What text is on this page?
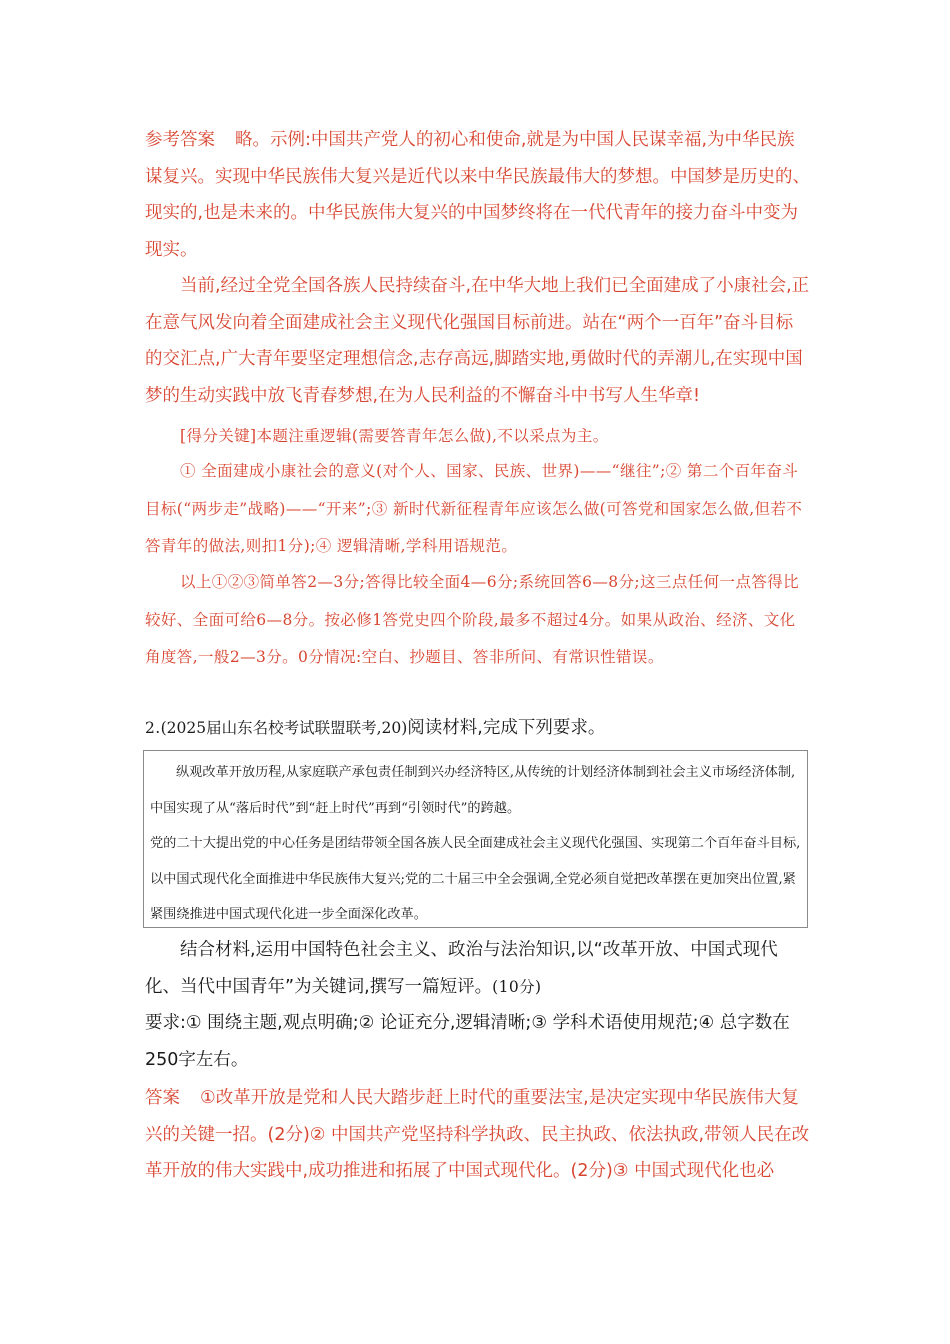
参考答案 略。示例:中国共产党人的初心和使命,就是为中国人民谋幸福,为中华民族谋复兴。实现中华民族伟大复兴是近代以来中华民族最伟大的梦想。中国梦是历史的、现实的,也是未来的。中华民族伟大复兴的中国梦终将在一代代青年的接力奋斗中变为现实。

当前,经过全党全国各族人民持续奋斗,在中华大地上我们已全面建成了小康社会,正在意气风发向着全面建成社会主义现代化强国目标前进。站在“两个一百年”奋斗目标的交汇点,广大青年要坚定理想信念,志存高远,脚踏实地,勇做时代的弄潮儿,在实现中国梦的生动实践中放飞青春梦想,在为人民利益的不懈奋斗中书写人生华章!

[得分关键]本题注重逻辑(需要答青年怎么做),不以采点为主。

① 全面建成小康社会的意义(对个人、国家、民族、世界)——“继往”;② 第二个百年奋斗目标(“两步走”战略)——“开来”;③ 新时代新征程青年应该怎么做(可答党和国家怎么做,但若不答青年的做法,则扣1分);④ 逻辑清晰,学科用语规范。

以上①②③简单答2—3分;答得比较全面4—6分;系统回答6—8分;这三点任何一点答得比较好、全面可给6—8分。按必修1答党史四个阶段,最多不超过4分。如果从政治、经济、文化角度答,一般2—3分。0分情况:空白、抄题目、答非所问、有常识性错误。

2.(2025届山东名校考试联盟联考,20)阅读材料,完成下列要求。

纵观改革开放历程,从家庭联产承包责任制到兴办经济特区,从传统的计划经济体制到社会主义市场经济体制,中国实现了从“落后时代”到“赶上时代”再到“引领时代”的跨越。

党的二十大提出党的中心任务是团结带领全国各族人民全面建成社会主义现代化强国、实现第二个百年奋斗目标,以中国式现代化全面推进中华民族伟大复兴;党的二十届三中全会强调,全党必须自觉把改革摆在更加突出位置,紧紧围绕推进中国式现代化进一步全面深化改革。

结合材料,运用中国特色社会主义、政治与法治知识,以“改革开放、中国式现代化、当代中国青年”为关键词,撰写一篇短评。(10分)

要求:① 围绕主题,观点明确;② 论证充分,逻辑清晰;③ 学科术语使用规范;④ 总字数在250字左右。

答案 ①改革开放是党和人民大踏步赶上时代的重要法宝,是决定实现中华民族伟大复兴的关键一招。(2分)② 中国共产党坚持科学执政、民主执政、依法执政,带领人民在改革开放的伟大实践中,成功推进和拓展了中国式现代化。(2分)③ 中国式现代化也必
